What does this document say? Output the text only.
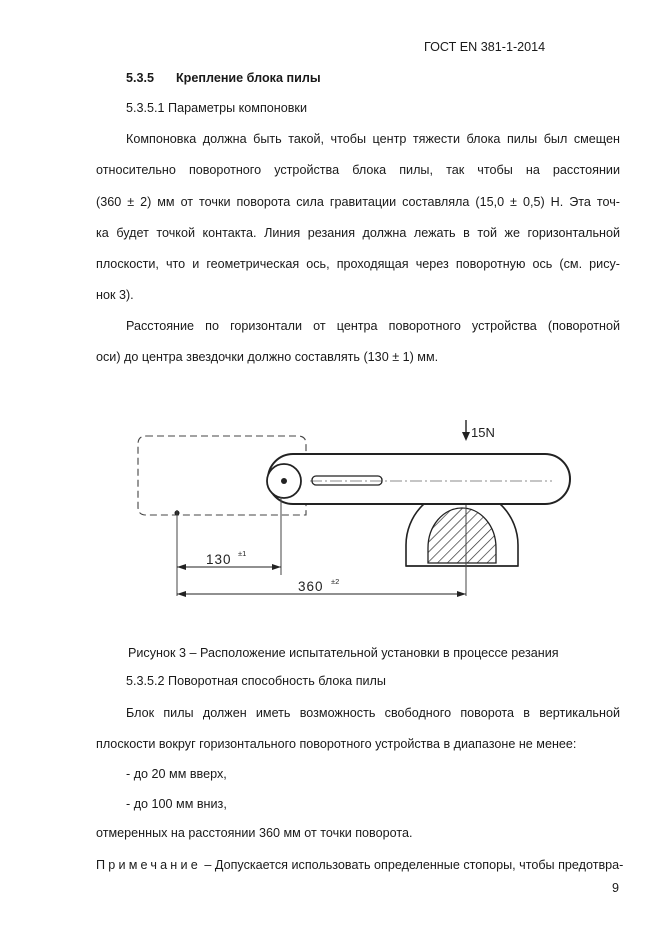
ГОСТ EN 381-1-2014
5.3.5 Крепление блока пилы
5.3.5.1 Параметры компоновки
Компоновка должна быть такой, чтобы центр тяжести блока пилы был смещен
относительно поворотного устройства блока пилы, так чтобы на расстоянии
(360 ± 2) мм от точки поворота сила гравитации составляла (15,0 ± 0,5) Н. Эта точ-
ка будет точкой контакта. Линия резания должна лежать в той же горизонтальной
плоскости, что и геометрическая ось, проходящая через поворотную ось (см. рису-
нок 3).
Расстояние по горизонтали от центра поворотного устройства (поворотной
оси) до центра звездочки должно составлять (130 ± 1) мм.
15N
130 ±1
360 ±2
Рисунок 3 – Расположение испытательной установки в процессе резания
5.3.5.2 Поворотная способность блока пилы
Блок пилы должен иметь возможность свободного поворота в вертикальной
плоскости вокруг горизонтального поворотного устройства в диапазоне не менее:
- до 20 мм вверх,
- до 100 мм вниз,
отмеренных на расстоянии 360 мм от точки поворота.
Примечание – Допускается использовать определенные стопоры, чтобы предотвра-
9
